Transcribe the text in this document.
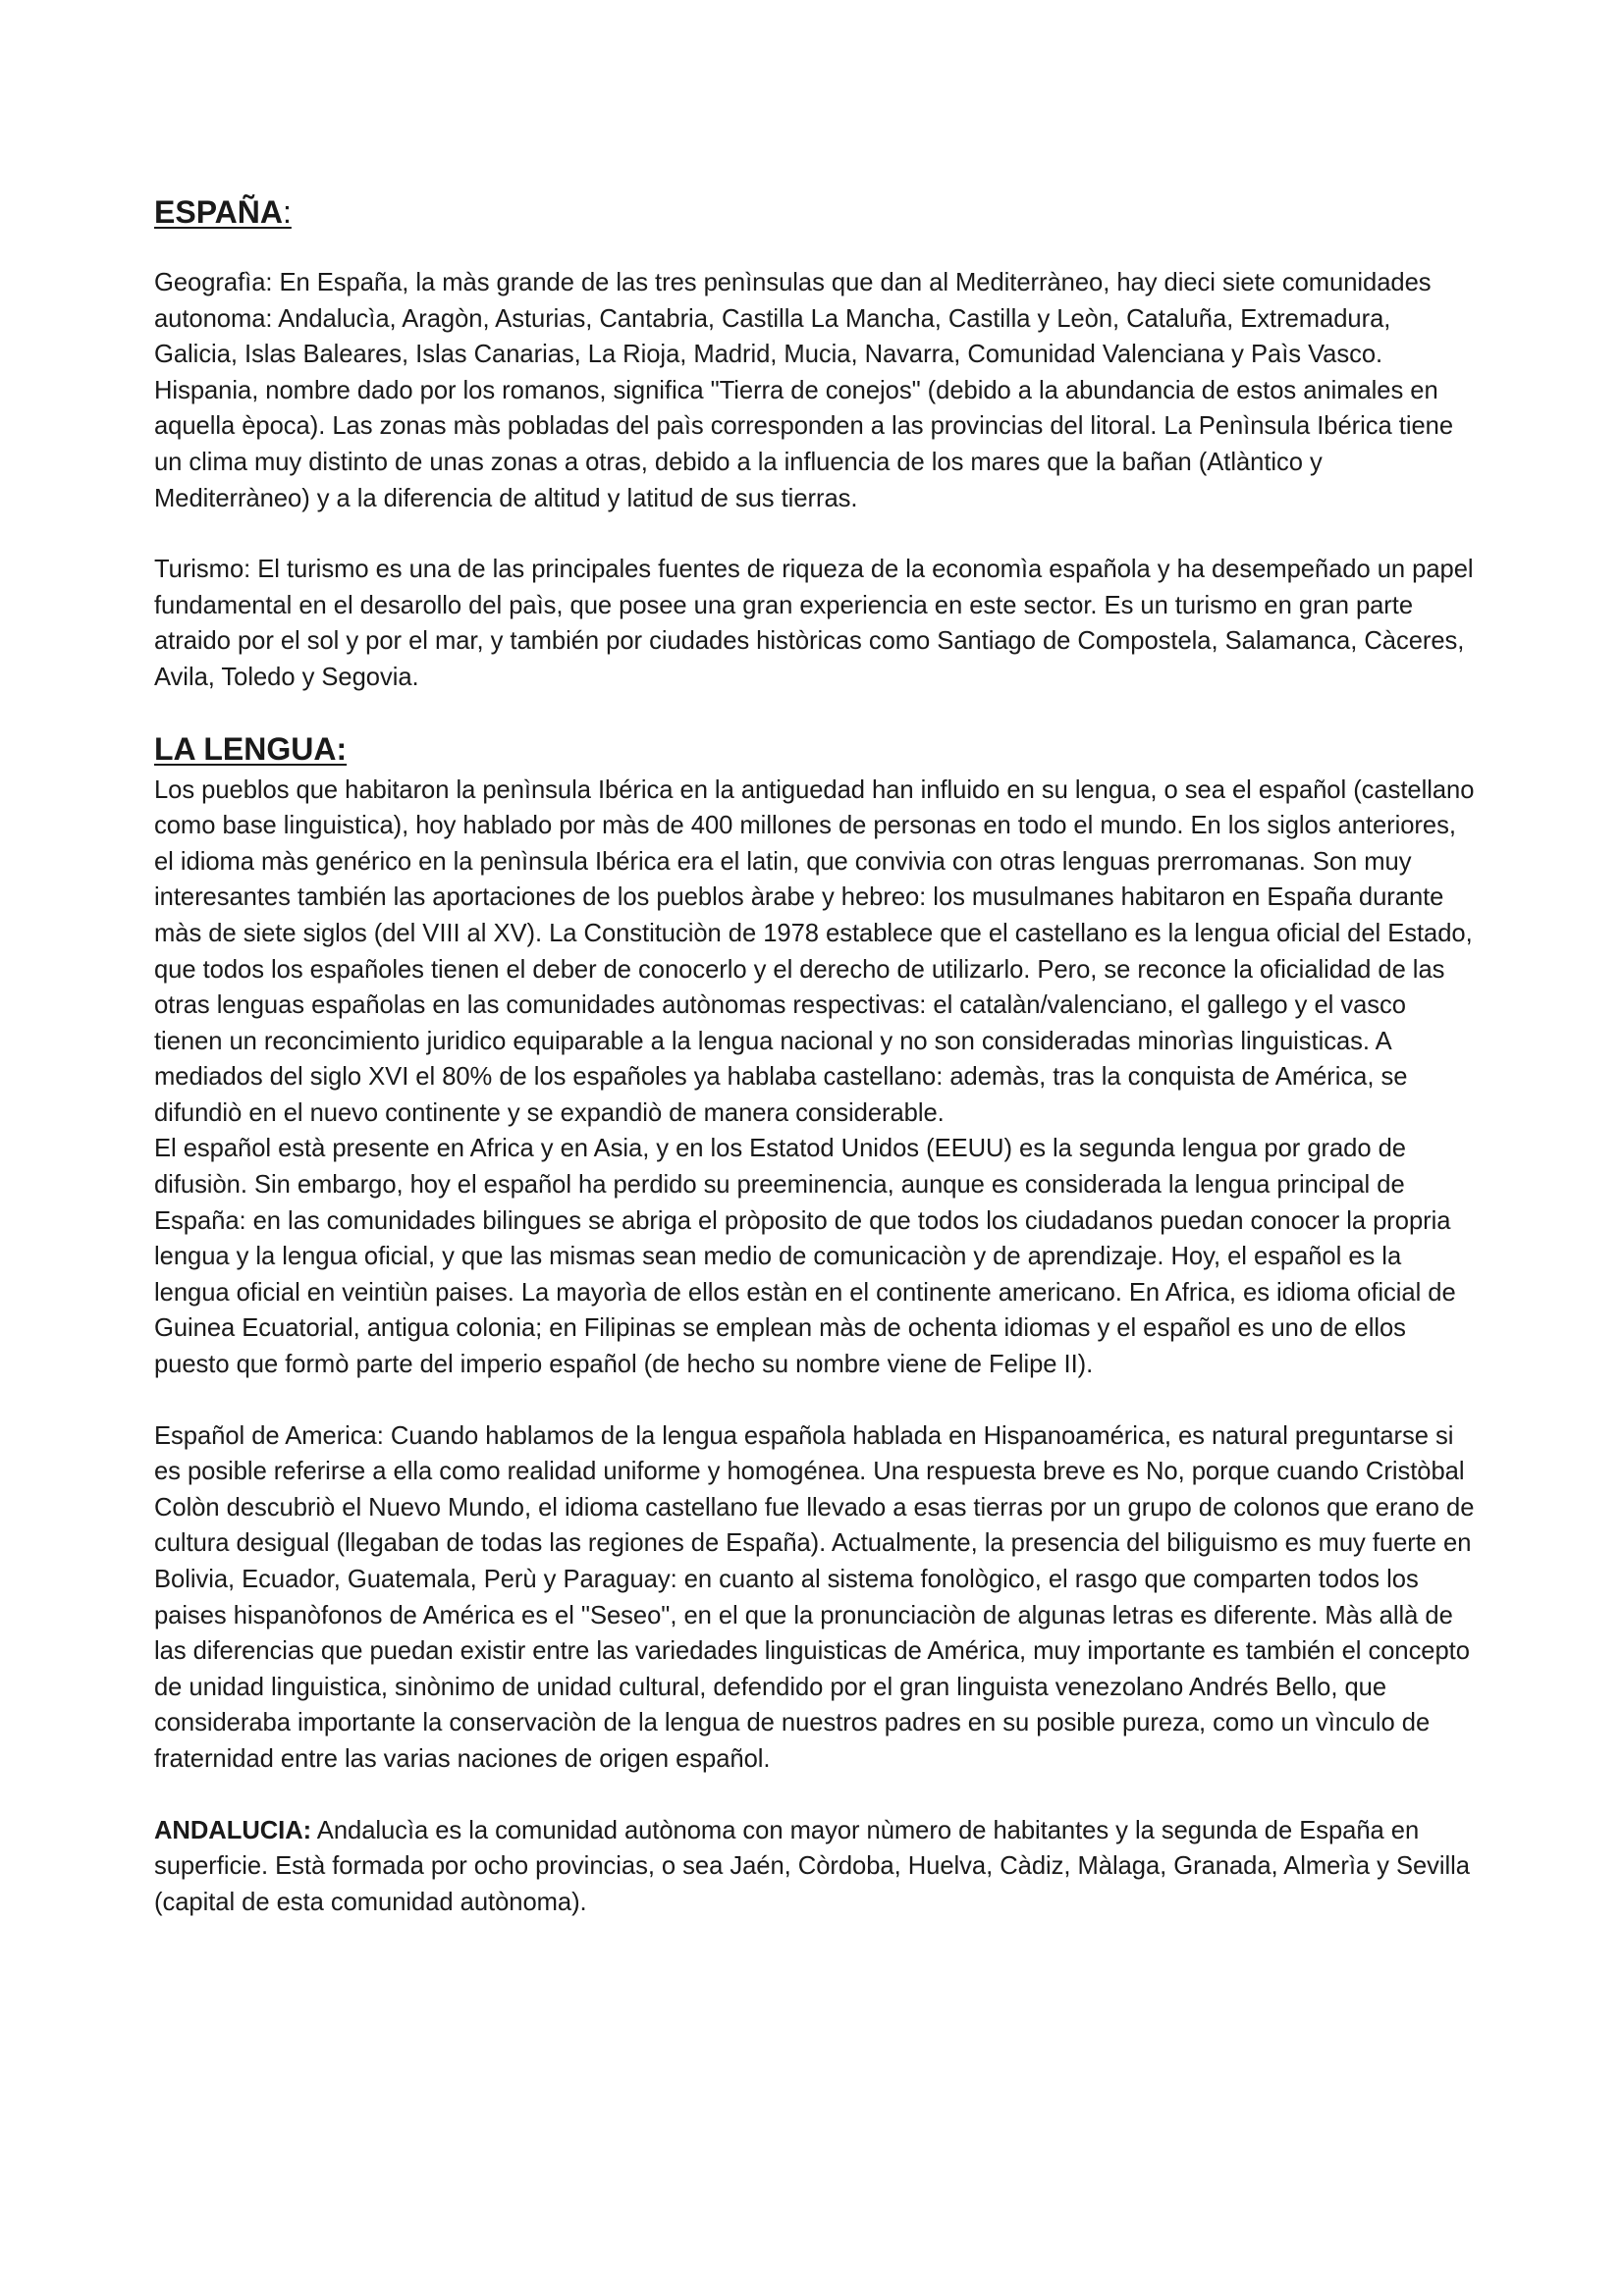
ESPAÑA:

Geografìa: En España, la màs grande de las tres penìnsulas que dan al Mediterràneo, hay dieci siete comunidades autonoma: Andalucìa, Aragòn, Asturias, Cantabria, Castilla La Mancha, Castilla y Leòn, Cataluña, Extremadura, Galicia, Islas Baleares, Islas Canarias, La Rioja, Madrid, Mucia, Navarra, Comunidad Valenciana y Paìs Vasco. Hispania, nombre dado por los romanos, significa "Tierra de conejos" (debido a la abundancia de estos animales en aquella època). Las zonas màs pobladas del paìs corresponden a las provincias del litoral. La Penìnsula Ibérica tiene un clima muy distinto de unas zonas a otras, debido a la influencia de los mares que la bañan (Atlàntico y Mediterràneo) y a la diferencia de altitud y latitud de sus tierras.

Turismo: El turismo es una de las principales fuentes de riqueza de la economìa española y ha desempeñado un papel fundamental en el desarollo del paìs, que posee una gran experiencia en este sector. Es un turismo en gran parte atraido por el sol y por el mar, y también por ciudades històricas como Santiago de Compostela, Salamanca, Càceres, Avila, Toledo y Segovia.

LA LENGUA:

Los pueblos que habitaron la penìnsula Ibérica en la antiguedad han influido en su lengua, o sea el español (castellano como base linguistica), hoy hablado por màs de 400 millones de personas en todo el mundo. En los siglos anteriores, el idioma màs genérico en la penìnsula Ibérica era el latin, que convivia con otras lenguas prerromanas. Son muy interesantes también las aportaciones de los pueblos àrabe y hebreo: los musulmanes habitaron en España durante màs de siete siglos (del VIII al XV). La Constituciòn de 1978 establece que el castellano es la lengua oficial del Estado, que todos los españoles tienen el deber de conocerlo y el derecho de utilizarlo. Pero, se reconce la oficialidad de las otras lenguas españolas en las comunidades autònomas respectivas: el catalàn/valenciano, el gallego y el vasco tienen un reconcimiento juridico equiparable a la lengua nacional y no son consideradas minorìas linguisticas. A mediados del siglo XVI el 80% de los españoles ya hablaba castellano: ademàs, tras la conquista de América, se difundiò en el nuevo continente y se expandiò de manera considerable.

El español està presente en Africa y en Asia, y en los Estatod Unidos (EEUU) es la segunda lengua por grado de difusiòn. Sin embargo, hoy el español ha perdido su preeminencia, aunque es considerada la lengua principal de España: en las comunidades bilingues se abriga el pròposito de que todos los ciudadanos puedan conocer la propria lengua y la lengua oficial, y que las mismas sean medio de comunicaciòn y de aprendizaje. Hoy, el español es la lengua oficial en veintiùn paises. La mayorìa de ellos estàn en el continente americano. En Africa, es idioma oficial de Guinea Ecuatorial, antigua colonia; en Filipinas se emplean màs de ochenta idiomas y el español es uno de ellos puesto que formò parte del imperio español (de hecho su nombre viene de Felipe II).

Español de America: Cuando hablamos de la lengua española hablada en Hispanoamérica, es natural preguntarse si es posible referirse a ella como realidad uniforme y homogénea. Una respuesta breve es No, porque cuando Cristòbal Colòn descubriò el Nuevo Mundo, el idioma castellano fue llevado a esas tierras por un grupo de colonos que erano de cultura desigual (llegaban de todas las regiones de España). Actualmente, la presencia del biliguismo es muy fuerte en Bolivia, Ecuador, Guatemala, Perù y Paraguay: en cuanto al sistema fonològico, el rasgo que comparten todos los paises hispanòfonos de América es el "Seseo", en el que la pronunciaciòn de algunas letras es diferente. Màs allà de las diferencias que puedan existir entre las variedades linguisticas de América, muy importante es también el concepto de unidad linguistica, sinònimo de unidad cultural, defendido por el gran linguista venezolano Andrés Bello, que consideraba importante la conservaciòn de la lengua de nuestros padres en su posible pureza, como un vìnculo de fraternidad entre las varias naciones de origen español.

ANDALUCIA: Andalucìa es la comunidad autònoma con mayor nùmero de habitantes y la segunda de España en superficie. Està formada por ocho provincias, o sea Jaén, Còrdoba, Huelva, Càdiz, Màlaga, Granada, Almerìa y Sevilla (capital de esta comunidad autònoma).
